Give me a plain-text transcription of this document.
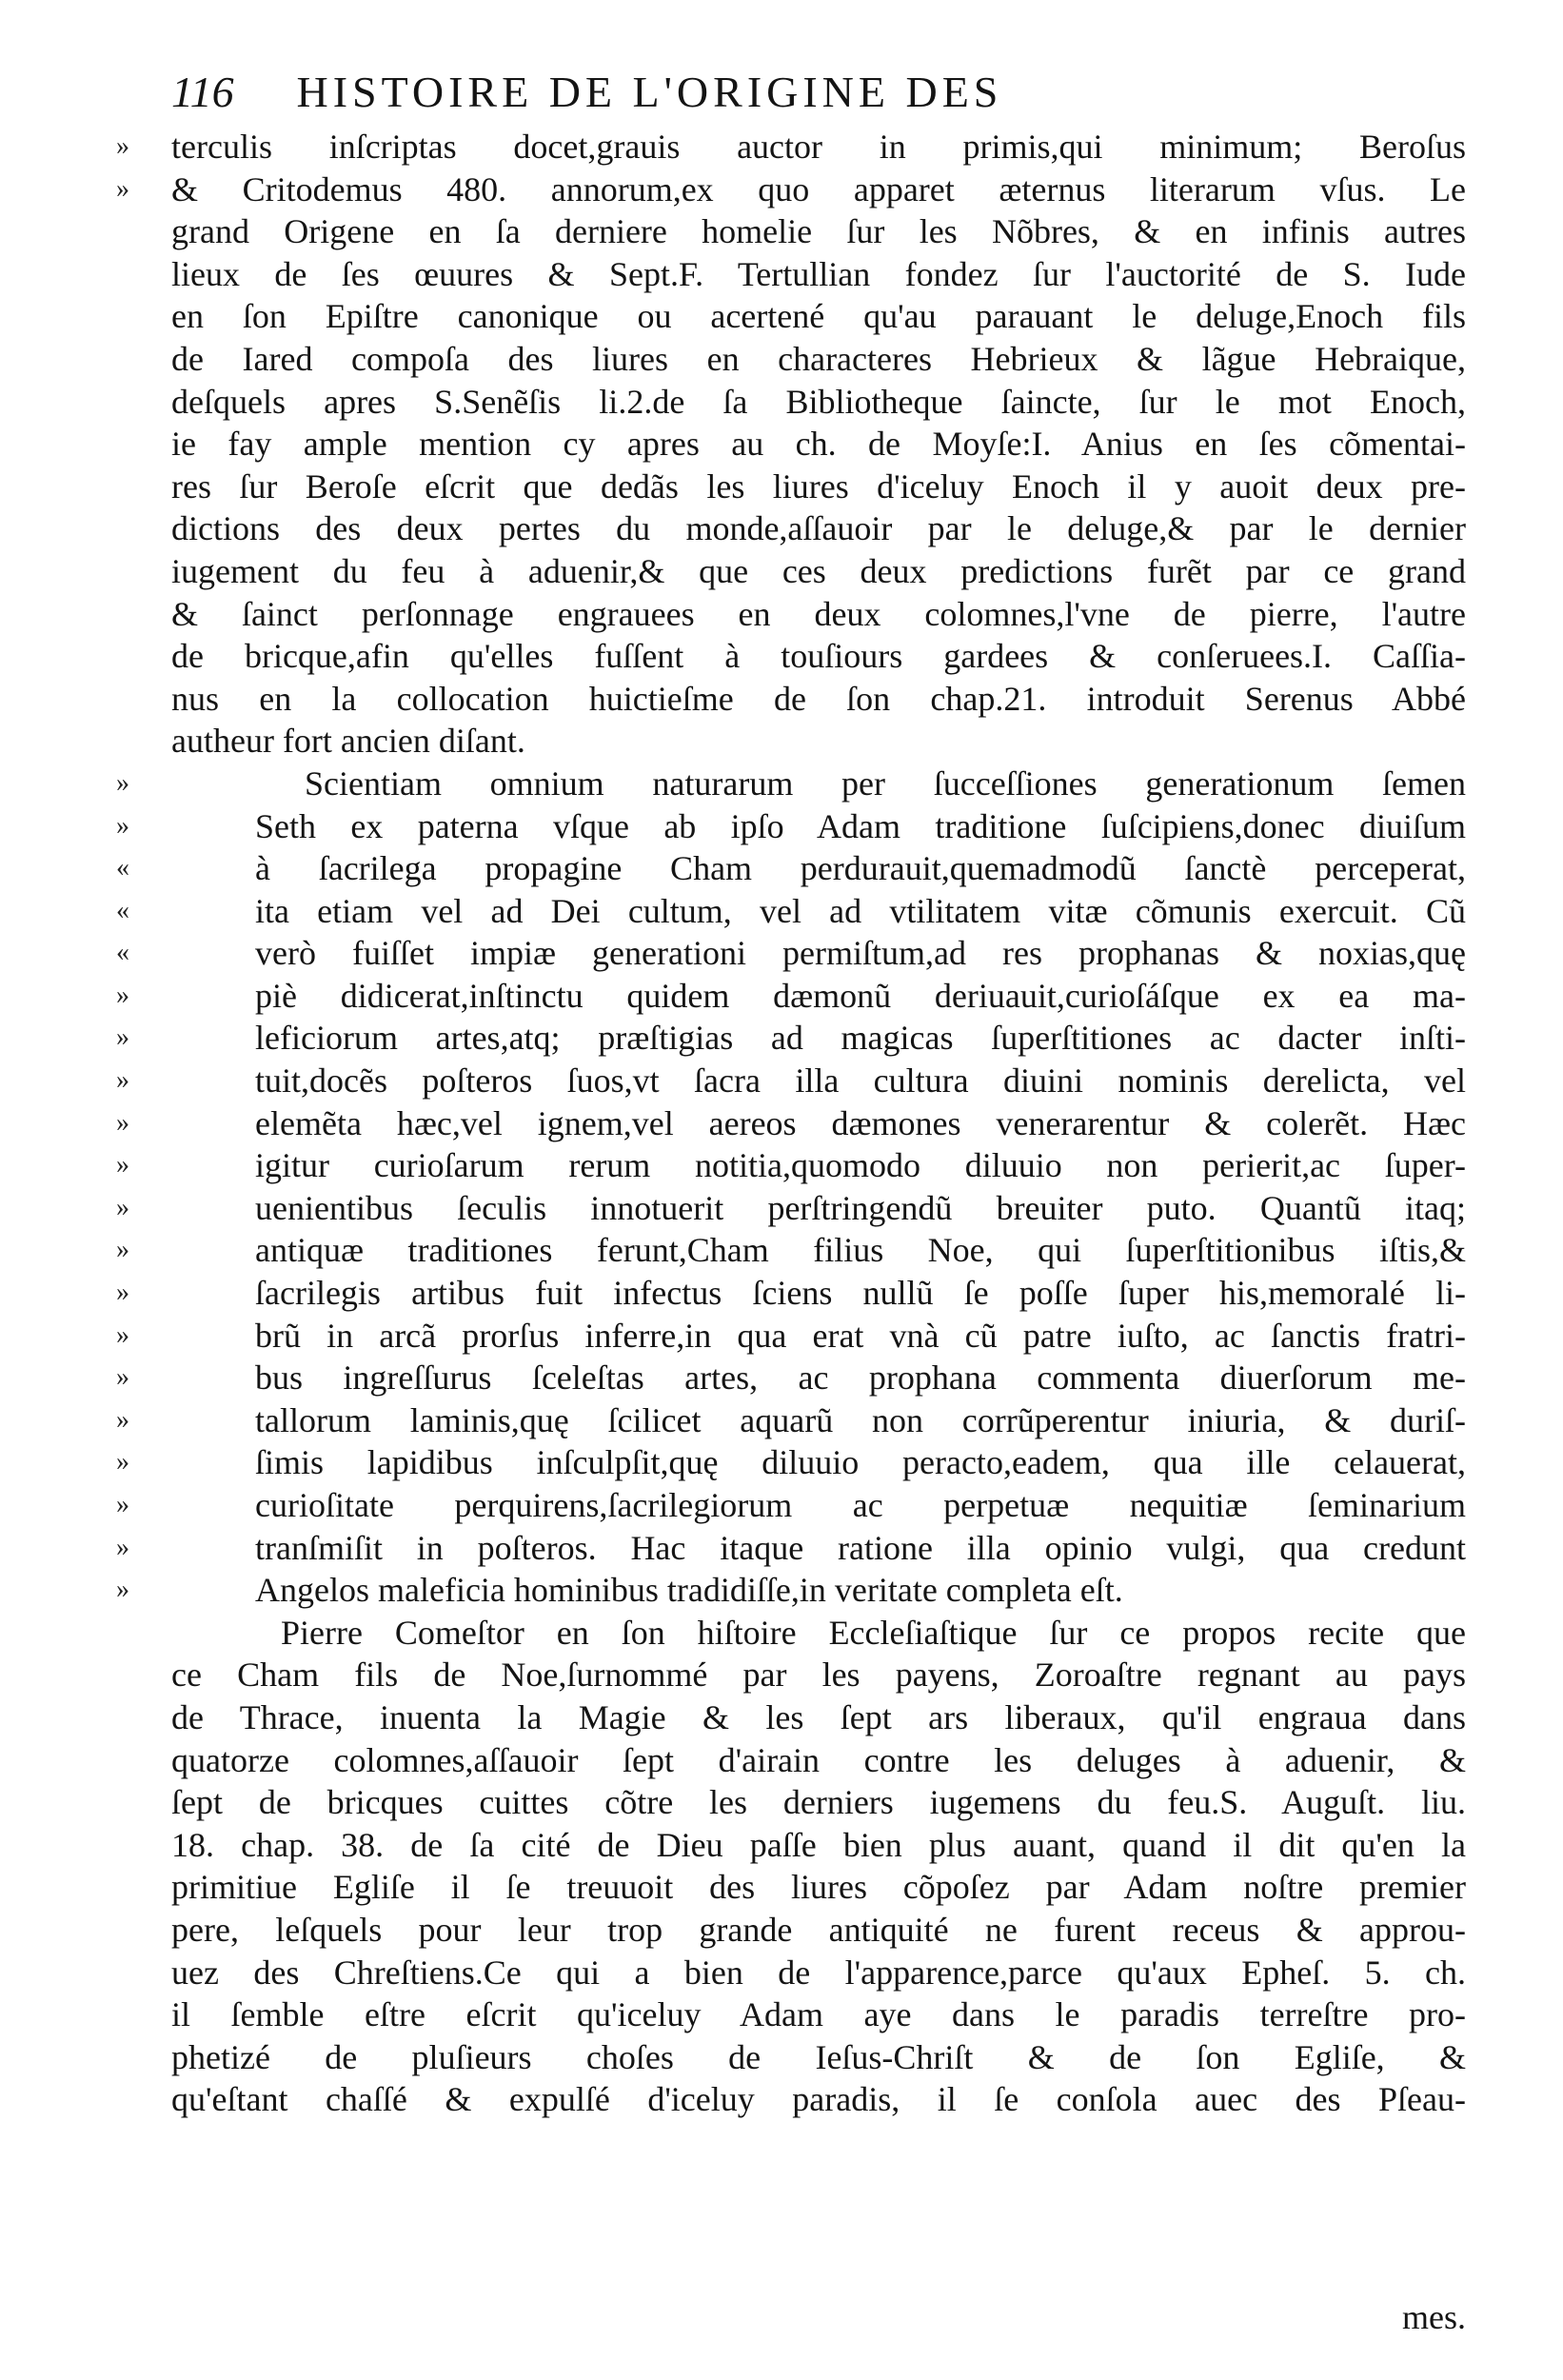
116 HISTOIRE DE L'ORIGINE DES
»	terculis inſcriptas docet,grauis auctor in primis,qui minimum; Beroſus
»	& Critodemus 480. annorum,ex quo apparet æternus literarum vſus. Le
grand Origene en ſa derniere homelie ſur les Nõbres, & en infinis autres
lieux de ſes œuures & Sept.F. Tertullian fondez ſur l'auctorité de S. Iude
en ſon Epiſtre canonique ou acertené qu'au parauant le deluge,Enoch fils
de Iared compoſa des liures en characteres Hebrieux & lãgue Hebraique,
deſquels apres S.Senẽſis li.2.de ſa Bibliotheque ſaincte, ſur le mot Enoch,
ie fay ample mention cy apres au ch. de Moyſe:I. Anius en ſes cõmentai-
res ſur Beroſe eſcrit que dedãs les liures d'iceluy Enoch il y auoit deux pre-
dictions des deux pertes du monde,aſſauoir par le deluge,& par le dernier
iugement du feu à aduenir,& que ces deux predictions furẽt par ce grand
& ſainct perſonnage engrauees en deux colomnes,l'vne de pierre, l'autre
de bricque,afin qu'elles fuſſent à touſiours gardees & conſeruees.I. Caſſia-
nus en la collocation huictieſme de ſon chap.21. introduit Serenus Abbé
autheur fort ancien diſant.
»	Scientiam omnium naturarum per ſucceſſiones generationum ſemen
»	Seth ex paterna vſque ab ipſo Adam traditione ſuſcipiens,donec diuiſum
«	à ſacrilega propagine Cham perdurauit,quemadmodũ ſanctè perceperat,
«	ita etiam vel ad Dei cultum, vel ad vtilitatem vitæ cõmunis exercuit. Cũ
«	verò fuiſſet impiæ generationi permiſtum,ad res prophanas & noxias,quę
»	piè didicerat,inſtinctu quidem dæmonũ deriuauit,curioſáſque ex ea ma-
»	leficiorum artes,atq; præſtigias ad magicas ſuperſtitiones ac dacter inſti-
»	tuit,docẽs poſteros ſuos,vt ſacra illa cultura diuini nominis derelicta, vel
»	elemẽta hæc,vel ignem,vel aereos dæmones venerarentur & colerẽt. Hæc
»	igitur curioſarum rerum notitia,quomodo diluuio non perierit,ac ſuper-
»	uenientibus ſeculis innotuerit perſtringendũ breuiter puto. Quantũ itaq;
»	antiquæ traditiones ferunt,Cham filius Noe, qui ſuperſtitionibus iſtis,&
»	ſacrilegis artibus fuit infectus ſciens nullũ ſe poſſe ſuper his,memoralé li-
»	brũ in arcã prorſus inferre,in qua erat vnà cũ patre iuſto, ac ſanctis fratri-
»	bus ingreſſurus ſceleſtas artes, ac prophana commenta diuerſorum me-
»	tallorum laminis,quę ſcilicet aquarũ non corrũperentur iniuria, & duriſ-
»	ſimis lapidibus inſculpſit,quę diluuio peracto,eadem, qua ille celauerat,
»	curioſitate perquirens,ſacrilegiorum ac perpetuæ nequitiæ ſeminarium
»	tranſmiſit in poſteros. Hac itaque ratione illa opinio vulgi, qua credunt
»	Angelos maleficia hominibus tradidiſſe,in veritate completa eſt.
Pierre Comeſtor en ſon hiſtoire Eccleſiaſtique ſur ce propos recite que
ce Cham fils de Noe,ſurnommé par les payens, Zoroaſtre regnant au pays
de Thrace, inuenta la Magie & les ſept ars liberaux, qu'il engraua dans
quatorze colomnes,aſſauoir ſept d'airain contre les deluges à aduenir, &
ſept de bricques cuittes cõtre les derniers iugemens du feu.S. Auguſt. liu.
18. chap. 38. de ſa cité de Dieu paſſe bien plus auant, quand il dit qu'en la
primitiue Egliſe il ſe treuuoit des liures cõpoſez par Adam noſtre premier
pere, leſquels pour leur trop grande antiquité ne furent receus & approu-
uez des Chreſtiens.Ce qui a bien de l'apparence,parce qu'aux Epheſ. 5. ch.
il ſemble eſtre eſcrit qu'iceluy Adam aye dans le paradis terreſtre pro-
phetizé de pluſieurs choſes de Ieſus-Chriſt & de ſon Egliſe, &
qu'eſtant chaſſé & expulſé d'iceluy paradis, il ſe conſola auec des Pſeau-
mes.
